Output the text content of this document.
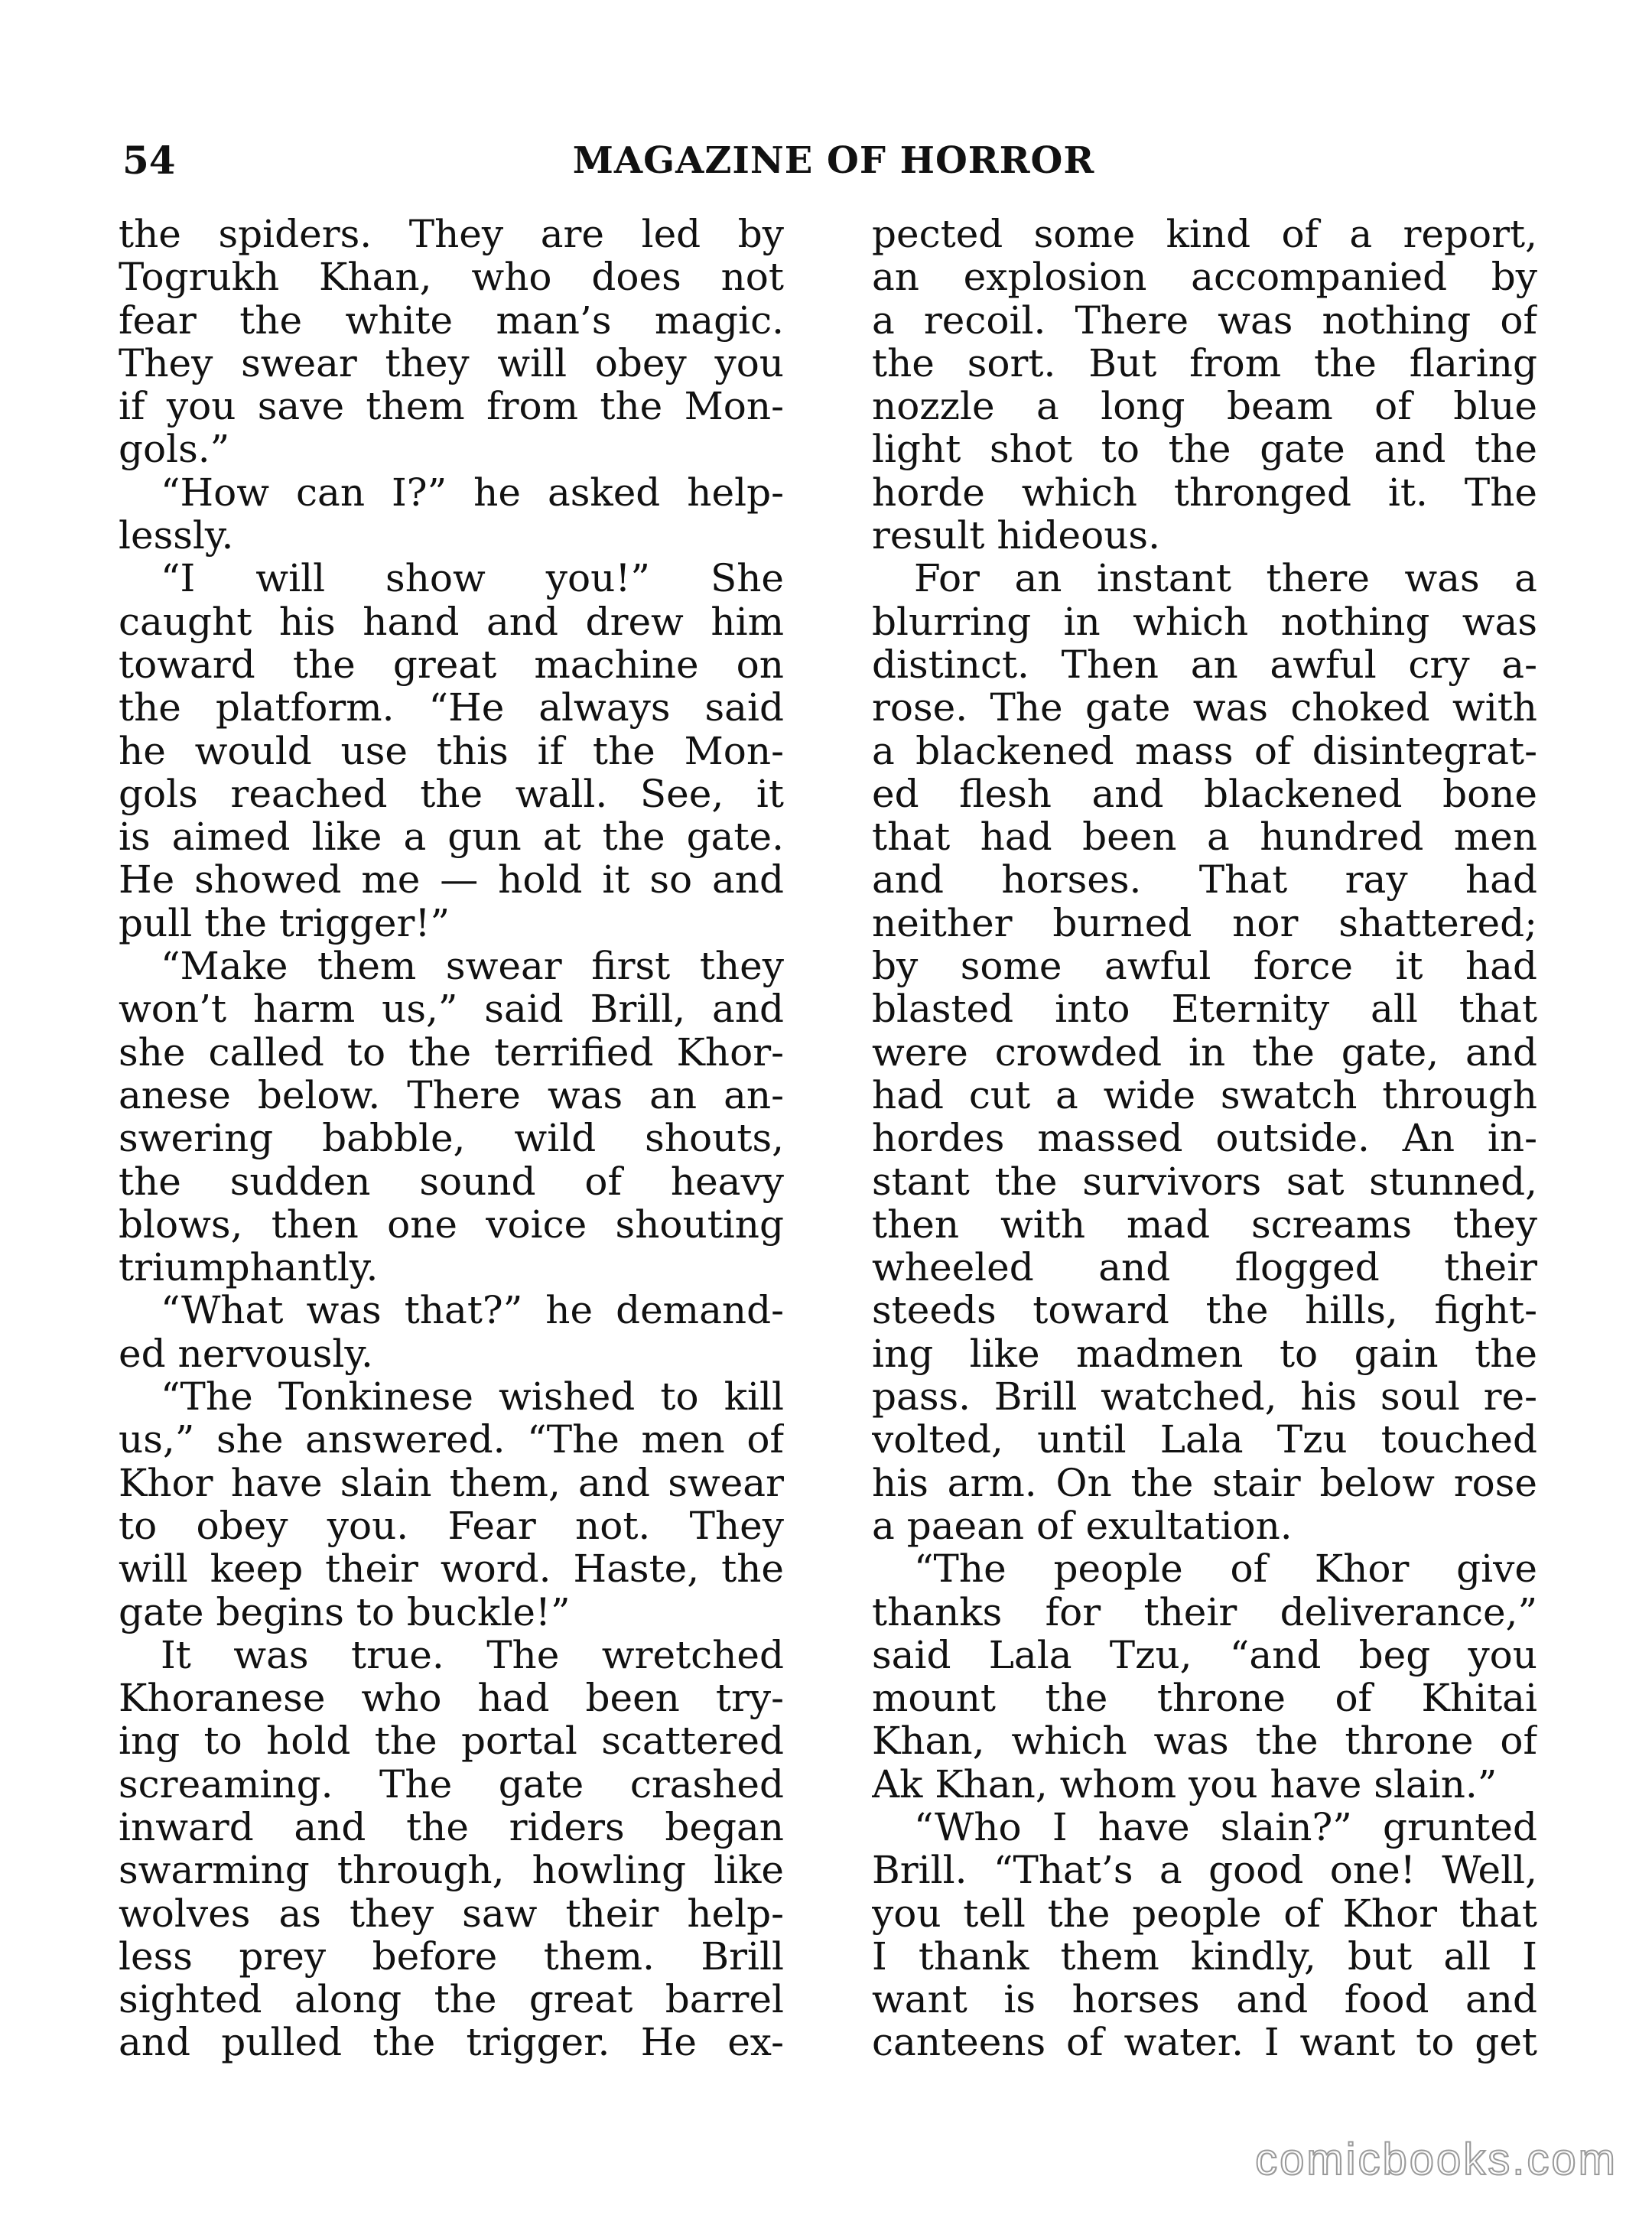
54	MAGAZINE OF HORROR
the spiders. They are led by
Togrukh Khan, who does not
fear the white man’s magic.
They swear they will obey you
if you save them from the Mon-
gols.”
“How can I?” he asked help-
lessly.
“I will show you!” She
caught his hand and drew him
toward the great machine on
the platform. “He always said
he would use this if the Mon-
gols reached the wall. See, it
is aimed like a gun at the gate.
He showed me — hold it so and
pull the trigger!”
“Make them swear first they
won’t harm us,” said Brill, and
she called to the terrified Khor-
anese below. There was an an-
swering babble, wild shouts,
the sudden sound of heavy
blows, then one voice shouting
triumphantly.
“What was that?” he demand-
ed nervously.
“The Tonkinese wished to kill
us,” she answered. “The men of
Khor have slain them, and swear
to obey you. Fear not. They
will keep their word. Haste, the
gate begins to buckle!”
It was true. The wretched
Khoranese who had been try-
ing to hold the portal scattered
screaming. The gate crashed
inward and the riders began
swarming through, howling like
wolves as they saw their help-
less prey before them. Brill
sighted along the great barrel
and pulled the trigger. He ex-
pected some kind of a report,
an explosion accompanied by
a recoil. There was nothing of
the sort. But from the flaring
nozzle a long beam of blue
light shot to the gate and the
horde which thronged it. The
result hideous.
For an instant there was a
blurring in which nothing was
distinct. Then an awful cry a-
rose. The gate was choked with
a blackened mass of disintegrat-
ed flesh and blackened bone
that had been a hundred men
and horses. That ray had
neither burned nor shattered;
by some awful force it had
blasted into Eternity all that
were crowded in the gate, and
had cut a wide swatch through
hordes massed outside. An in-
stant the survivors sat stunned,
then with mad screams they
wheeled and flogged their
steeds toward the hills, fight-
ing like madmen to gain the
pass. Brill watched, his soul re-
volted, until Lala Tzu touched
his arm. On the stair below rose
a paean of exultation.
“The people of Khor give
thanks for their deliverance,”
said Lala Tzu, “and beg you
mount the throne of Khitai
Khan, which was the throne of
Ak Khan, whom you have slain.”
“Who I have slain?” grunted
Brill. “That’s a good one! Well,
you tell the people of Khor that
I thank them kindly, but all I
want is horses and food and
canteens of water. I want to get
comicbooks.com
